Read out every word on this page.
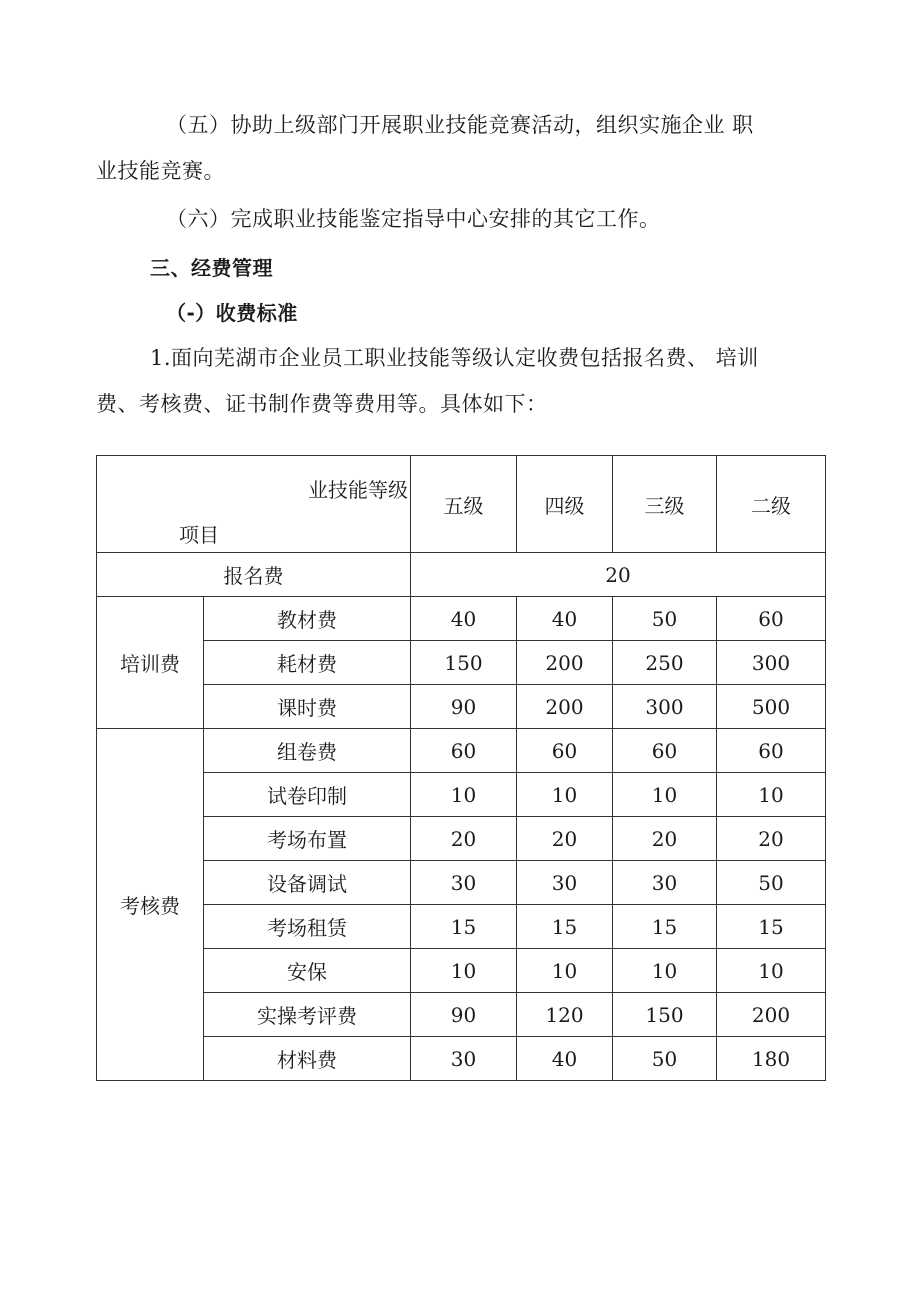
（五）协助上级部门开展职业技能竞赛活动，组织实施企业 职
业技能竞赛。
（六）完成职业技能鉴定指导中心安排的其它工作。
三、经费管理
（-）收费标准
1.面向芜湖市企业员工职业技能等级认定收费包括报名费、 培训
费、考核费、证书制作费等费用等。具体如下：
业技能等级
项目		五级	四级	三级	二级
报名费		20			
培训费	教材费	40	40	50	60
	耗材费	150	200	250	300
	课时费	90	200	300	500
考核费	组卷费	60	60	60	60
	试卷印制	10	10	10	10
	考场布置	20	20	20	20
	设备调试	30	30	30	50
	考场租赁	15	15	15	15
	安保	10	10	10	10
	实操考评费	90	120	150	200
	材料费	30	40	50	180
